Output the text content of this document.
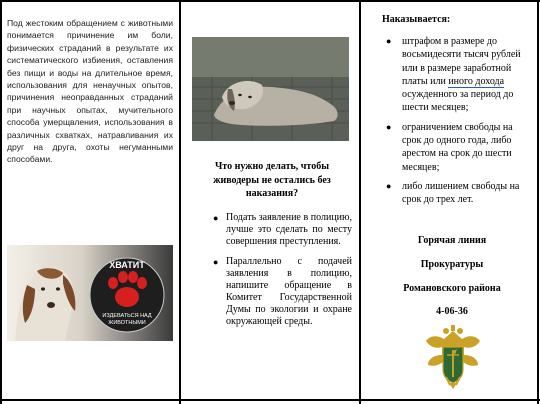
Под жестоким обращением с животными понимается причинение им боли, физических страданий в результате их систематического избиения, оставления без пищи и воды на длительное время, использования для ненаучных опытов, причинения неоправданных страданий при научных опытах, мучительного способа умерщвления, использования в различных схватках, натравливания их друг на друга, охоты негуманными способами.

ХВАТИТ
ИЗДЕВАТЬСЯ НАД
ЖИВОТНЫМИ
Что нужно делать, чтобы живодеры не остались без наказания?
● Подать заявление в полицию, лучше это сделать по месту совершения преступления.
● Параллельно с подачей заявления в полицию, напишите обращение в Комитет Государственной Думы по экологии и охране окружающей среды.
Наказывается:
● штрафом в размере до восьмидесяти тысяч рублей или в размере заработной платы или иного дохода осужденного за период до шести месяцев;
● ограничением свободы на срок до одного года, либо арестом на срок до шести месяцев;
● либо лишением свободы на срок до трех лет.
Горячая линия
Прокуратуры
Романовского района
4-06-36
